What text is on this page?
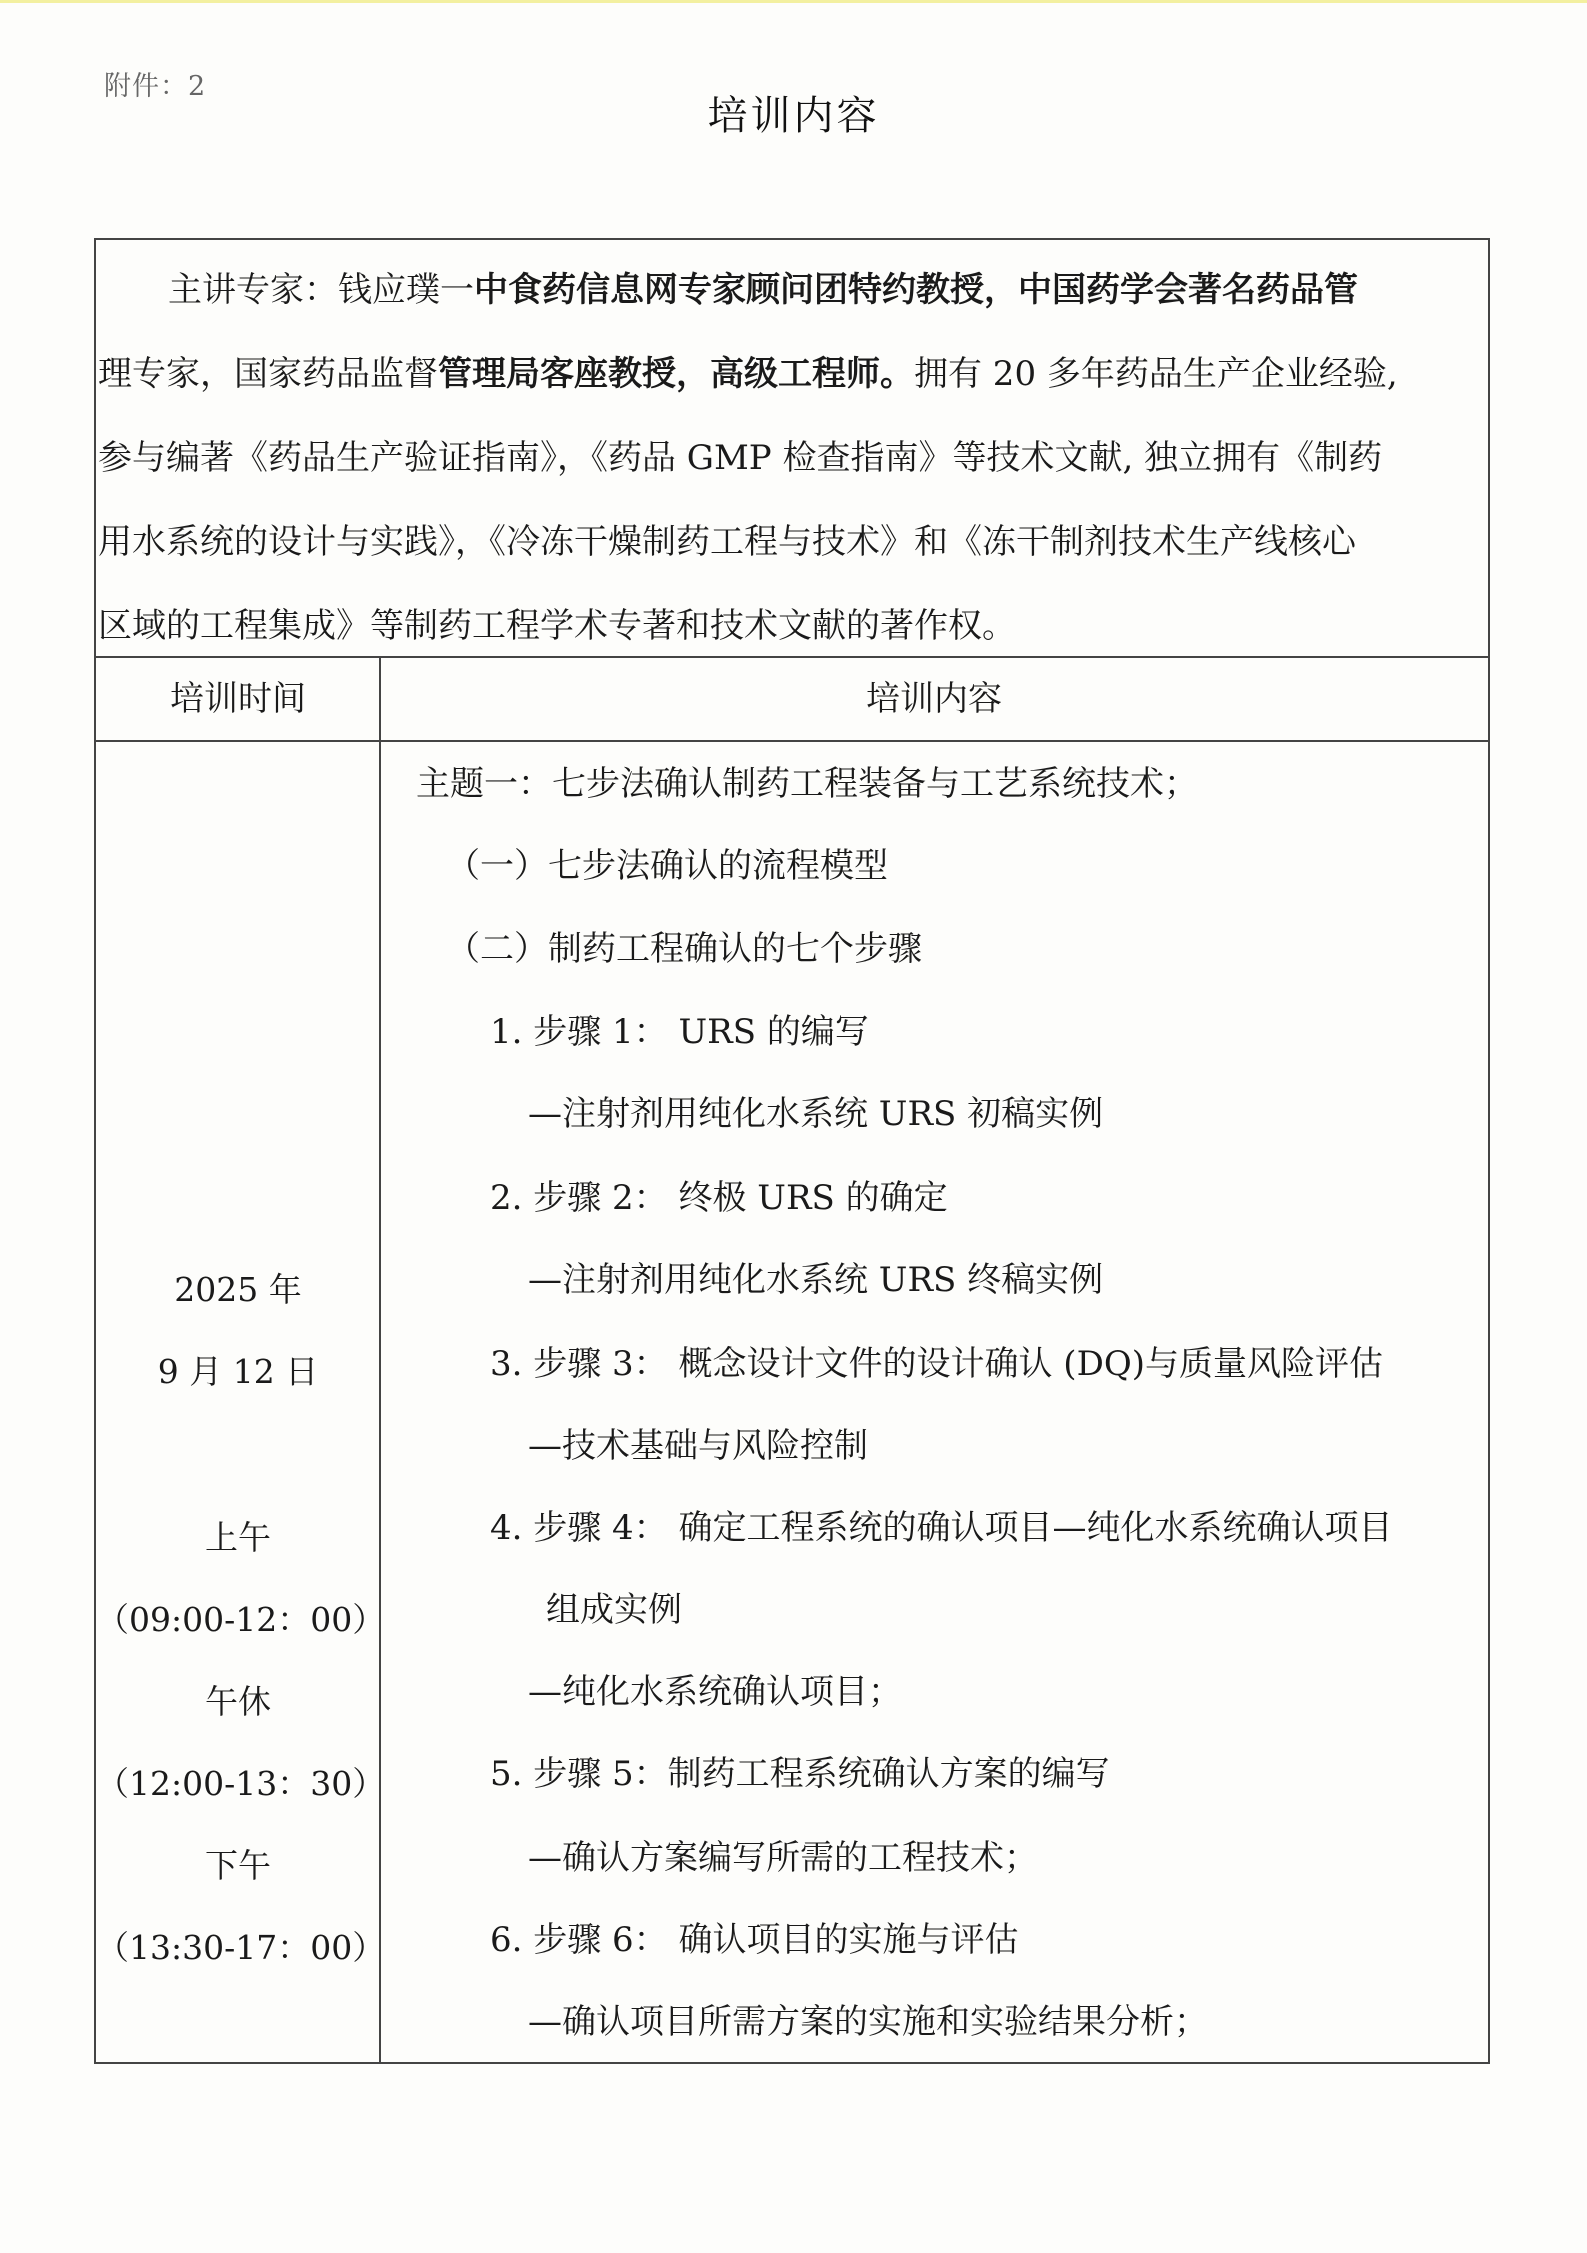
附件：2
培训内容
主讲专家：钱应璞一中食药信息网专家顾问团特约教授，中国药学会著名药品管
理专家，国家药品监督管理局客座教授，高级工程师。拥有 20 多年药品生产企业经验,
参与编著《药品生产验证指南》，《药品 GMP 检查指南》等技术文献, 独立拥有《制药
用水系统的设计与实践》，《冷冻干燥制药工程与技术》和《冻干制剂技术生产线核心
区域的工程集成》等制药工程学术专著和技术文献的著作权。
培训时间	培训内容
2025 年
9 月 12 日
上午
（09:00-12：00）
午休
（12:00-13：30）
下午
（13:30-17：00）
主题一：七步法确认制药工程装备与工艺系统技术；
（一）七步法确认的流程模型
（二）制药工程确认的七个步骤
1. 步骤 1： URS 的编写
—注射剂用纯化水系统 URS 初稿实例
2. 步骤 2： 终极 URS 的确定
—注射剂用纯化水系统 URS 终稿实例
3. 步骤 3： 概念设计文件的设计确认 (DQ)与质量风险评估
—技术基础与风险控制
4. 步骤 4： 确定工程系统的确认项目—纯化水系统确认项目
组成实例
—纯化水系统确认项目；
5. 步骤 5：制药工程系统确认方案的编写
—确认方案编写所需的工程技术；
6. 步骤 6： 确认项目的实施与评估
—确认项目所需方案的实施和实验结果分析；
